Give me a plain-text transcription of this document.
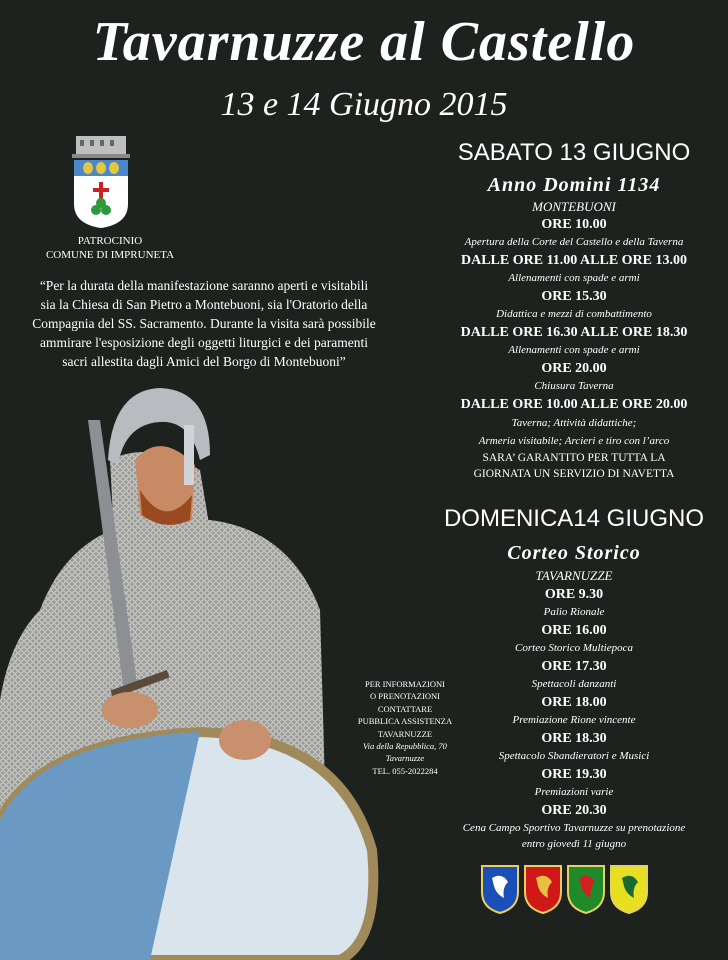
Tavarnuzze al Castello
13 e 14 Giugno 2015
PATROCINIO
COMUNE DI IMPRUNETA
“Per la durata della manifestazione saranno aperti e visitabili
sia la Chiesa di San Pietro a Montebuoni, sia l'Oratorio della
Compagnia del SS. Sacramento. Durante la visita sarà possibile
ammirare l'esposizione degli oggetti liturgici e dei paramenti
sacri allestita dagli Amici del Borgo di Montebuoni”
PER INFORMAZIONI
O PRENOTAZIONI
CONTATTARE
PUBBLICA ASSISTENZA
TAVARNUZZE
Via della Repubblica, 70
Tavarnuzze
TEL. 055-2022284
SABATO 13 GIUGNO
Anno Domini 1134
MONTEBUONI
ORE 10.00
Apertura della Corte del Castello e della Taverna
DALLE ORE 11.00 ALLE ORE 13.00
Allenamenti con spade e armi
ORE 15.30
Didattica e mezzi di combattimento
DALLE ORE 16.30 ALLE ORE 18.30
Allenamenti con spade e armi
ORE 20.00
Chiusura Taverna
DALLE ORE 10.00 ALLE ORE 20.00
Taverna; Attività didattiche;
Armeria visitabile; Arcieri e tiro con l’arco
SARA’ GARANTITO PER TUTTA LA
GIORNATA UN SERVIZIO DI NAVETTA
DOMENICA14 GIUGNO
Corteo Storico
TAVARNUZZE
ORE 9.30
Palio Rionale
ORE 16.00
Corteo Storico Multiepoca
ORE 17.30
Spettacoli danzanti
ORE 18.00
Premiazione Rione vincente
ORE 18.30
Spettacolo Sbandieratori e Musici
ORE 19.30
Premiazioni varie
ORE 20.30
Cena Campo Sportivo Tavarnuzze su prenotazione
entro giovedì 11 giugno
